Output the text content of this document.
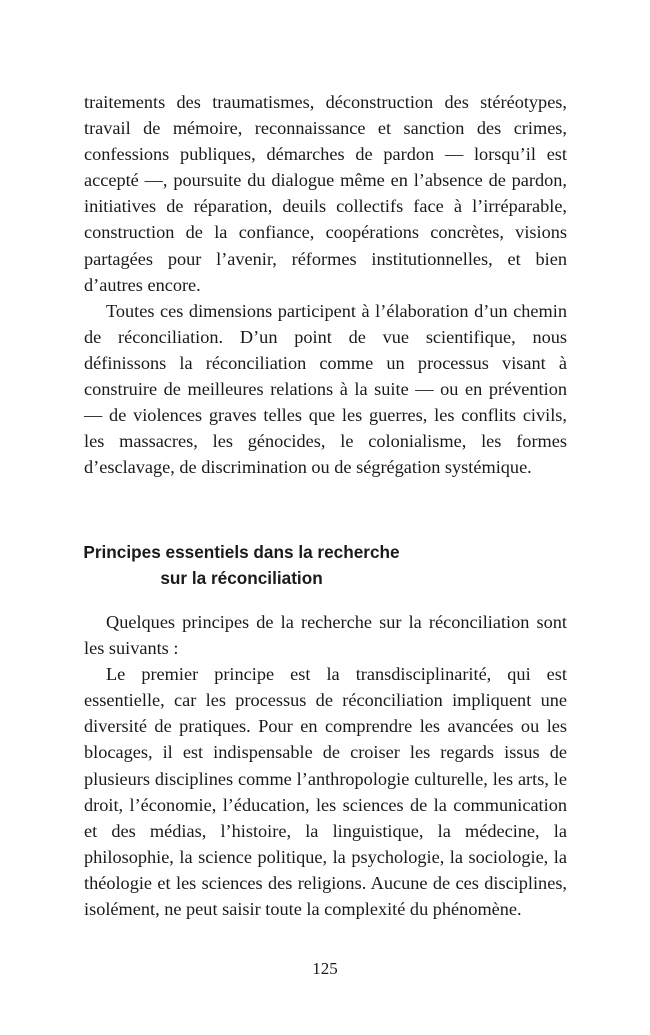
traitements des traumatismes, déconstruction des stéréotypes, travail de mémoire, reconnaissance et sanction des crimes, confessions publiques, démarches de pardon — lorsqu’il est accepté —, poursuite du dialogue même en l’absence de pardon, initiatives de réparation, deuils collectifs face à l’irréparable, construction de la confiance, coopérations concrètes, visions partagées pour l’avenir, réformes institutionnelles, et bien d’autres encore.

Toutes ces dimensions participent à l’élaboration d’un chemin de réconciliation. D’un point de vue scientifique, nous définissons la réconciliation comme un processus visant à construire de meilleures relations à la suite — ou en prévention — de violences graves telles que les guerres, les conflits civils, les massacres, les génocides, le colonialisme, les formes d’esclavage, de discrimination ou de ségrégation systémique.

Principes essentiels dans la recherche
sur la réconciliation

Quelques principes de la recherche sur la réconciliation sont les suivants :

Le premier principe est la transdisciplinarité, qui est essentielle, car les processus de réconciliation impliquent une diversité de pratiques. Pour en comprendre les avancées ou les blocages, il est indispensable de croiser les regards issus de plusieurs disciplines comme l’anthropologie culturelle, les arts, le droit, l’économie, l’éducation, les sciences de la communication et des médias, l’histoire, la linguistique, la médecine, la philosophie, la science politique, la psychologie, la sociologie, la théologie et les sciences des religions. Aucune de ces disciplines, isolément, ne peut saisir toute la complexité du phénomène.

125
